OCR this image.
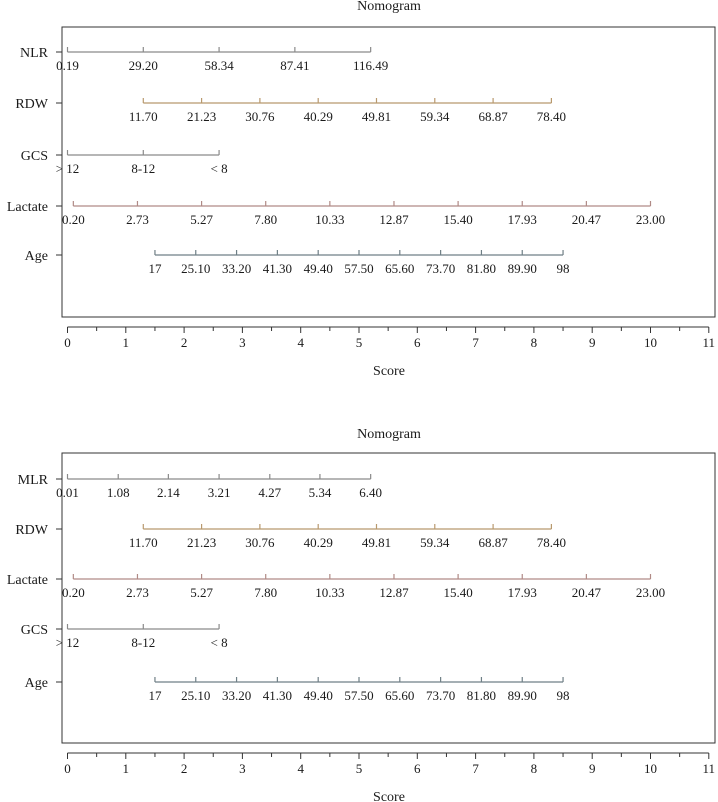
Nomogram
NLR
0.19	29.20	58.34	87.41	116.49
RDW
11.70 21.23 30.76 40.29 49.81 59.34 68.87 78.40
GCS
> 12	8-12	< 8
Lactate
0.20	2.73	5.27	7.80	10.33	12.87	15.40	17.93	20.47	23.00
Age
17 25.10 33.20 41.30 49.40 57.50 65.60 73.70 81.80 89.90 98
0	1	2	3	4	5	6	7	8	9	10	11
Score
Nomogram
MLR
0.01 1.08 2.14 3.21 4.27 5.34 6.40
RDW
11.70 21.23 30.76 40.29 49.81 59.34 68.87 78.40
Lactate
0.20	2.73	5.27	7.80	10.33	12.87	15.40	17.93	20.47	23.00
GCS
> 12	8-12	< 8
Age
17 25.10 33.20 41.30 49.40 57.50 65.60 73.70 81.80 89.90 98
0	1	2	3	4	5	6	7	8	9	10	11
Score
